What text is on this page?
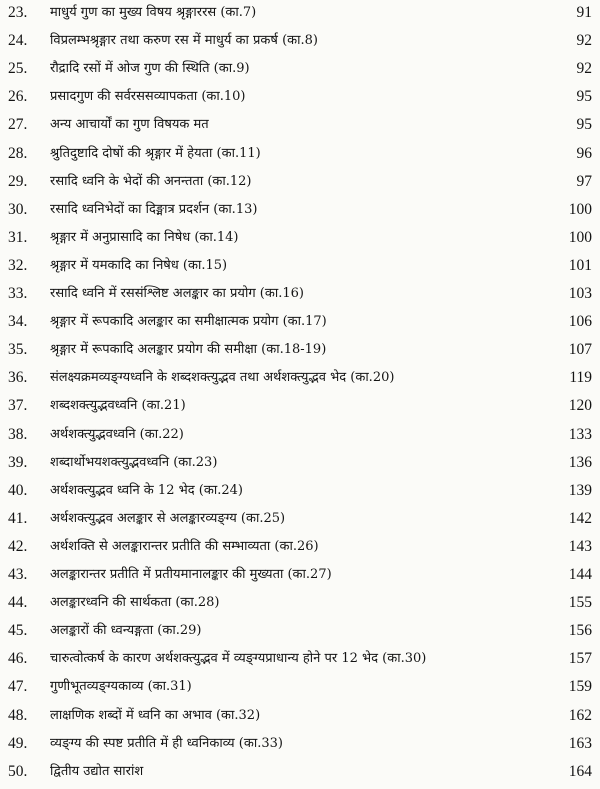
23. माधुर्य गुण का मुख्य विषय श्रृङ्गाररस (का.7)	91
24. विप्रलम्भश्रृङ्गार तथा करुण रस में माधुर्य का प्रकर्ष (का.8)	92
25. रौद्रादि रसों में ओज गुण की स्थिति (का.9)	92
26. प्रसादगुण की सर्वरससव्यापकता (का.10)	95
27. अन्य आचार्यों का गुण विषयक मत	95
28. श्रुतिदुष्टादि दोषों की श्रृङ्गार में हेयता (का.11)	96
29. रसादि ध्वनि के भेदों की अनन्तता (का.12)	97
30. रसादि ध्वनिभेदों का दिङ्मात्र प्रदर्शन (का.13)	100
31. श्रृङ्गार में अनुप्रासादि का निषेध (का.14)	100
32. श्रृङ्गार में यमकादि का निषेध (का.15)	101
33. रसादि ध्वनि में रससंश्लिष्ट अलङ्कार का प्रयोग (का.16)	103
34. श्रृङ्गार में रूपकादि अलङ्कार का समीक्षात्मक प्रयोग (का.17)	106
35. श्रृङ्गार में रूपकादि अलङ्कार प्रयोग की समीक्षा (का.18-19)	107
36. संलक्ष्यक्रमव्यङ्ग्यध्वनि के शब्दशक्त्युद्भव तथा अर्थशक्त्युद्भव भेद (का.20)	119
37. शब्दशक्त्युद्भवध्वनि (का.21)	120
38. अर्थशक्त्युद्भवध्वनि (का.22)	133
39. शब्दार्थोभयशक्त्युद्भवध्वनि (का.23)	136
40. अर्थशक्त्युद्भव ध्वनि के 12 भेद (का.24)	139
41. अर्थशक्त्युद्भव अलङ्कार से अलङ्कारव्यङ्ग्य (का.25)	142
42. अर्थशक्ति से अलङ्कारान्तर प्रतीति की सम्भाव्यता (का.26)	143
43. अलङ्कारान्तर प्रतीति में प्रतीयमानालङ्कार की मुख्यता (का.27)	144
44. अलङ्कारध्वनि की सार्थकता (का.28)	155
45. अलङ्कारों की ध्वन्यङ्गता (का.29)	156
46. चारुत्वोत्कर्ष के कारण अर्थशक्त्युद्भव में व्यङ्ग्यप्राधान्य होने पर 12 भेद (का.30)	157
47. गुणीभूतव्यङ्ग्यकाव्य (का.31)	159
48. लाक्षणिक शब्दों में ध्वनि का अभाव (का.32)	162
49. व्यङ्ग्य की स्पष्ट प्रतीति में ही ध्वनिकाव्य (का.33)	163
50. द्वितीय उद्योत सारांश	164
